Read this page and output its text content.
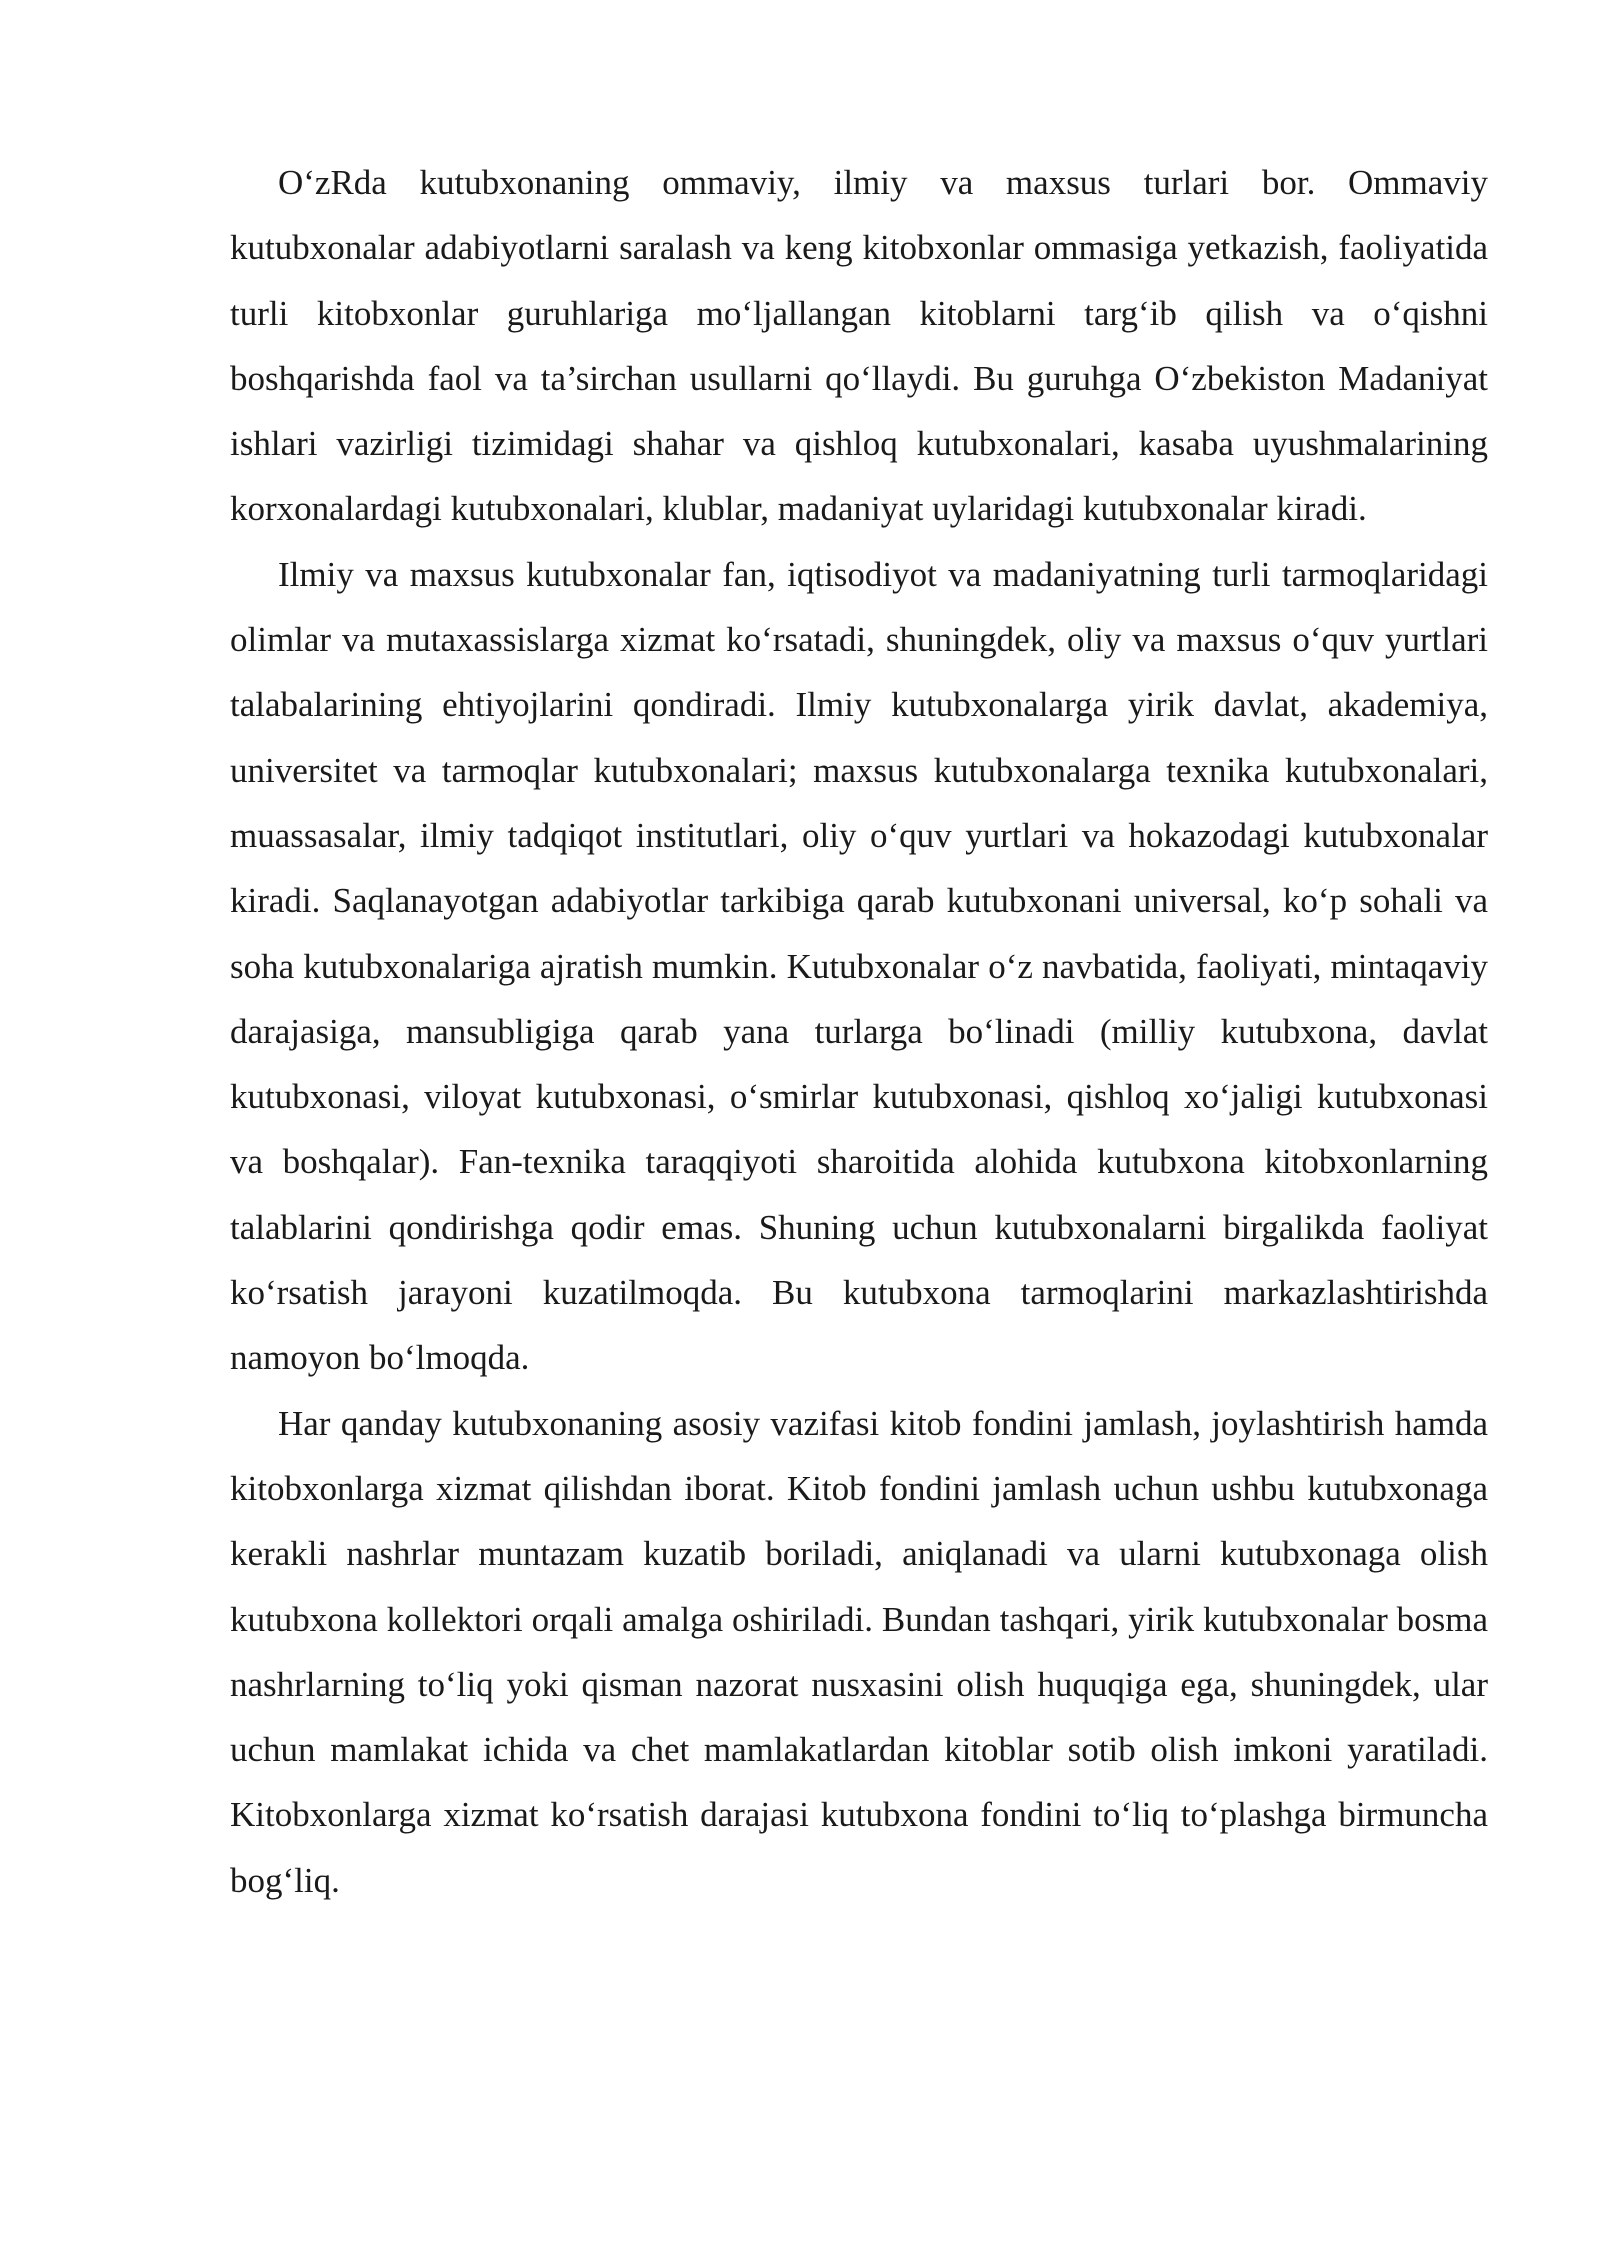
O‘zRda kutubxonaning ommaviy, ilmiy va maxsus turlari bor. Ommaviy kutubxonalar adabiyotlarni saralash va keng kitobxonlar ommasiga yetkazish, faoliyatida turli kitobxonlar guruhlariga mo‘ljallangan kitoblarni targ‘ib qilish va o‘qishni boshqarishda faol va ta’sirchan usullarni qo‘llaydi. Bu guruhga O‘zbekiston Madaniyat ishlari vazirligi tizimidagi shahar va qishloq kutubxonalari, kasaba uyushmalarining korxonalardagi kutubxonalari, klublar, madaniyat uylaridagi kutubxonalar kiradi.

Ilmiy va maxsus kutubxonalar fan, iqtisodiyot va madaniyatning turli tarmoqlaridagi olimlar va mutaxassislarga xizmat ko‘rsatadi, shuningdek, oliy va maxsus o‘quv yurtlari talabalarining ehtiyojlarini qondiradi. Ilmiy kutubxonalarga yirik davlat, akademiya, universitet va tarmoqlar kutubxonalari; maxsus kutubxonalarga texnika kutubxonalari, muassasalar, ilmiy tadqiqot institutlari, oliy o‘quv yurtlari va hokazodagi kutubxonalar kiradi. Saqlanayotgan adabiyotlar tarkibiga qarab kutubxonani universal, ko‘p sohali va soha kutubxonalariga ajratish mumkin. Kutubxonalar o‘z navbatida, faoliyati, mintaqaviy darajasiga, mansubligiga qarab yana turlarga bo‘linadi (milliy kutubxona, davlat kutubxonasi, viloyat kutubxonasi, o‘smirlar kutubxonasi, qishloq xo‘jaligi kutubxonasi va boshqalar). Fan-texnika taraqqiyoti sharoitida alohida kutubxona kitobxonlarning talablarini qondirishga qodir emas. Shuning uchun kutubxonalarni birgalikda faoliyat ko‘rsatish jarayoni kuzatilmoqda. Bu kutubxona tarmoqlarini markazlashtirishda namoyon bo‘lmoqda.

Har qanday kutubxonaning asosiy vazifasi kitob fondini jamlash, joylashtirish hamda kitobxonlarga xizmat qilishdan iborat. Kitob fondini jamlash uchun ushbu kutubxonaga kerakli nashrlar muntazam kuzatib boriladi, aniqlanadi va ularni kutubxonaga olish kutubxona kollektori orqali amalga oshiriladi. Bundan tashqari, yirik kutubxonalar bosma nashrlarning to‘liq yoki qisman nazorat nusxasini olish huquqiga ega, shuningdek, ular uchun mamlakat ichida va chet mamlakatlardan kitoblar sotib olish imkoni yaratiladi. Kitobxonlarga xizmat ko‘rsatish darajasi kutubxona fondini to‘liq to‘plashga birmuncha bog‘liq.
